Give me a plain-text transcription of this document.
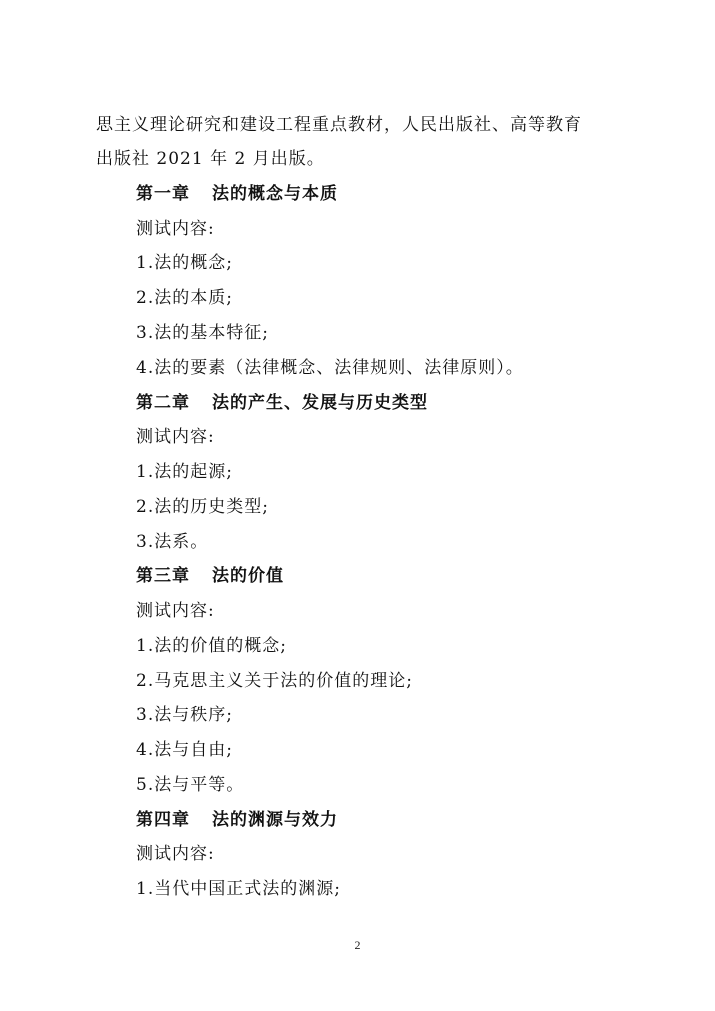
思主义理论研究和建设工程重点教材，人民出版社、高等教育
出版社 2021 年 2 月出版。
第一章 法的概念与本质
测试内容:
1.法的概念;
2.法的本质;
3.法的基本特征;
4.法的要素（法律概念、法律规则、法律原则）。
第二章 法的产生、发展与历史类型
测试内容:
1.法的起源;
2.法的历史类型;
3.法系。
第三章 法的价值
测试内容:
1.法的价值的概念;
2.马克思主义关于法的价值的理论;
3.法与秩序;
4.法与自由;
5.法与平等。
第四章 法的渊源与效力
测试内容:
1.当代中国正式法的渊源;
2
